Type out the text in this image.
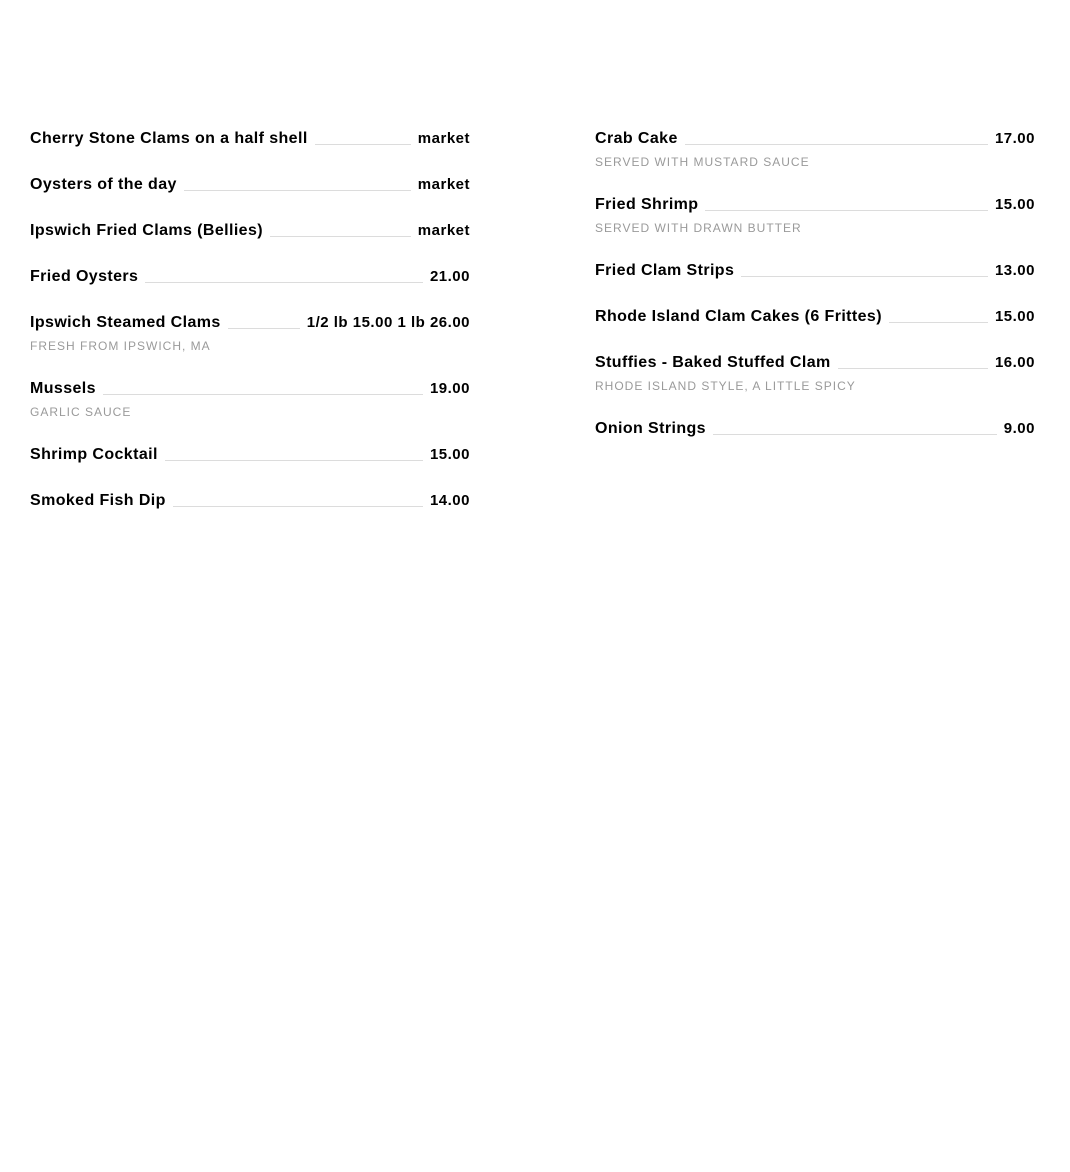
Cherry Stone Clams on a half shell	market
Oysters of the day	market
Ipswich Fried Clams (Bellies)	market
Fried Oysters	21.00
Ipswich Steamed Clams	1/2 lb 15.00 1 lb 26.00
FRESH FROM IPSWICH, MA
Mussels	19.00
GARLIC SAUCE
Shrimp Cocktail	15.00
Smoked Fish Dip	14.00
Crab Cake	17.00
SERVED WITH MUSTARD SAUCE
Fried Shrimp	15.00
SERVED WITH DRAWN BUTTER
Fried Clam Strips	13.00
Rhode Island Clam Cakes (6 Frittes)	15.00
Stuffies - Baked Stuffed Clam	16.00
RHODE ISLAND STYLE, A LITTLE SPICY
Onion Strings	9.00
